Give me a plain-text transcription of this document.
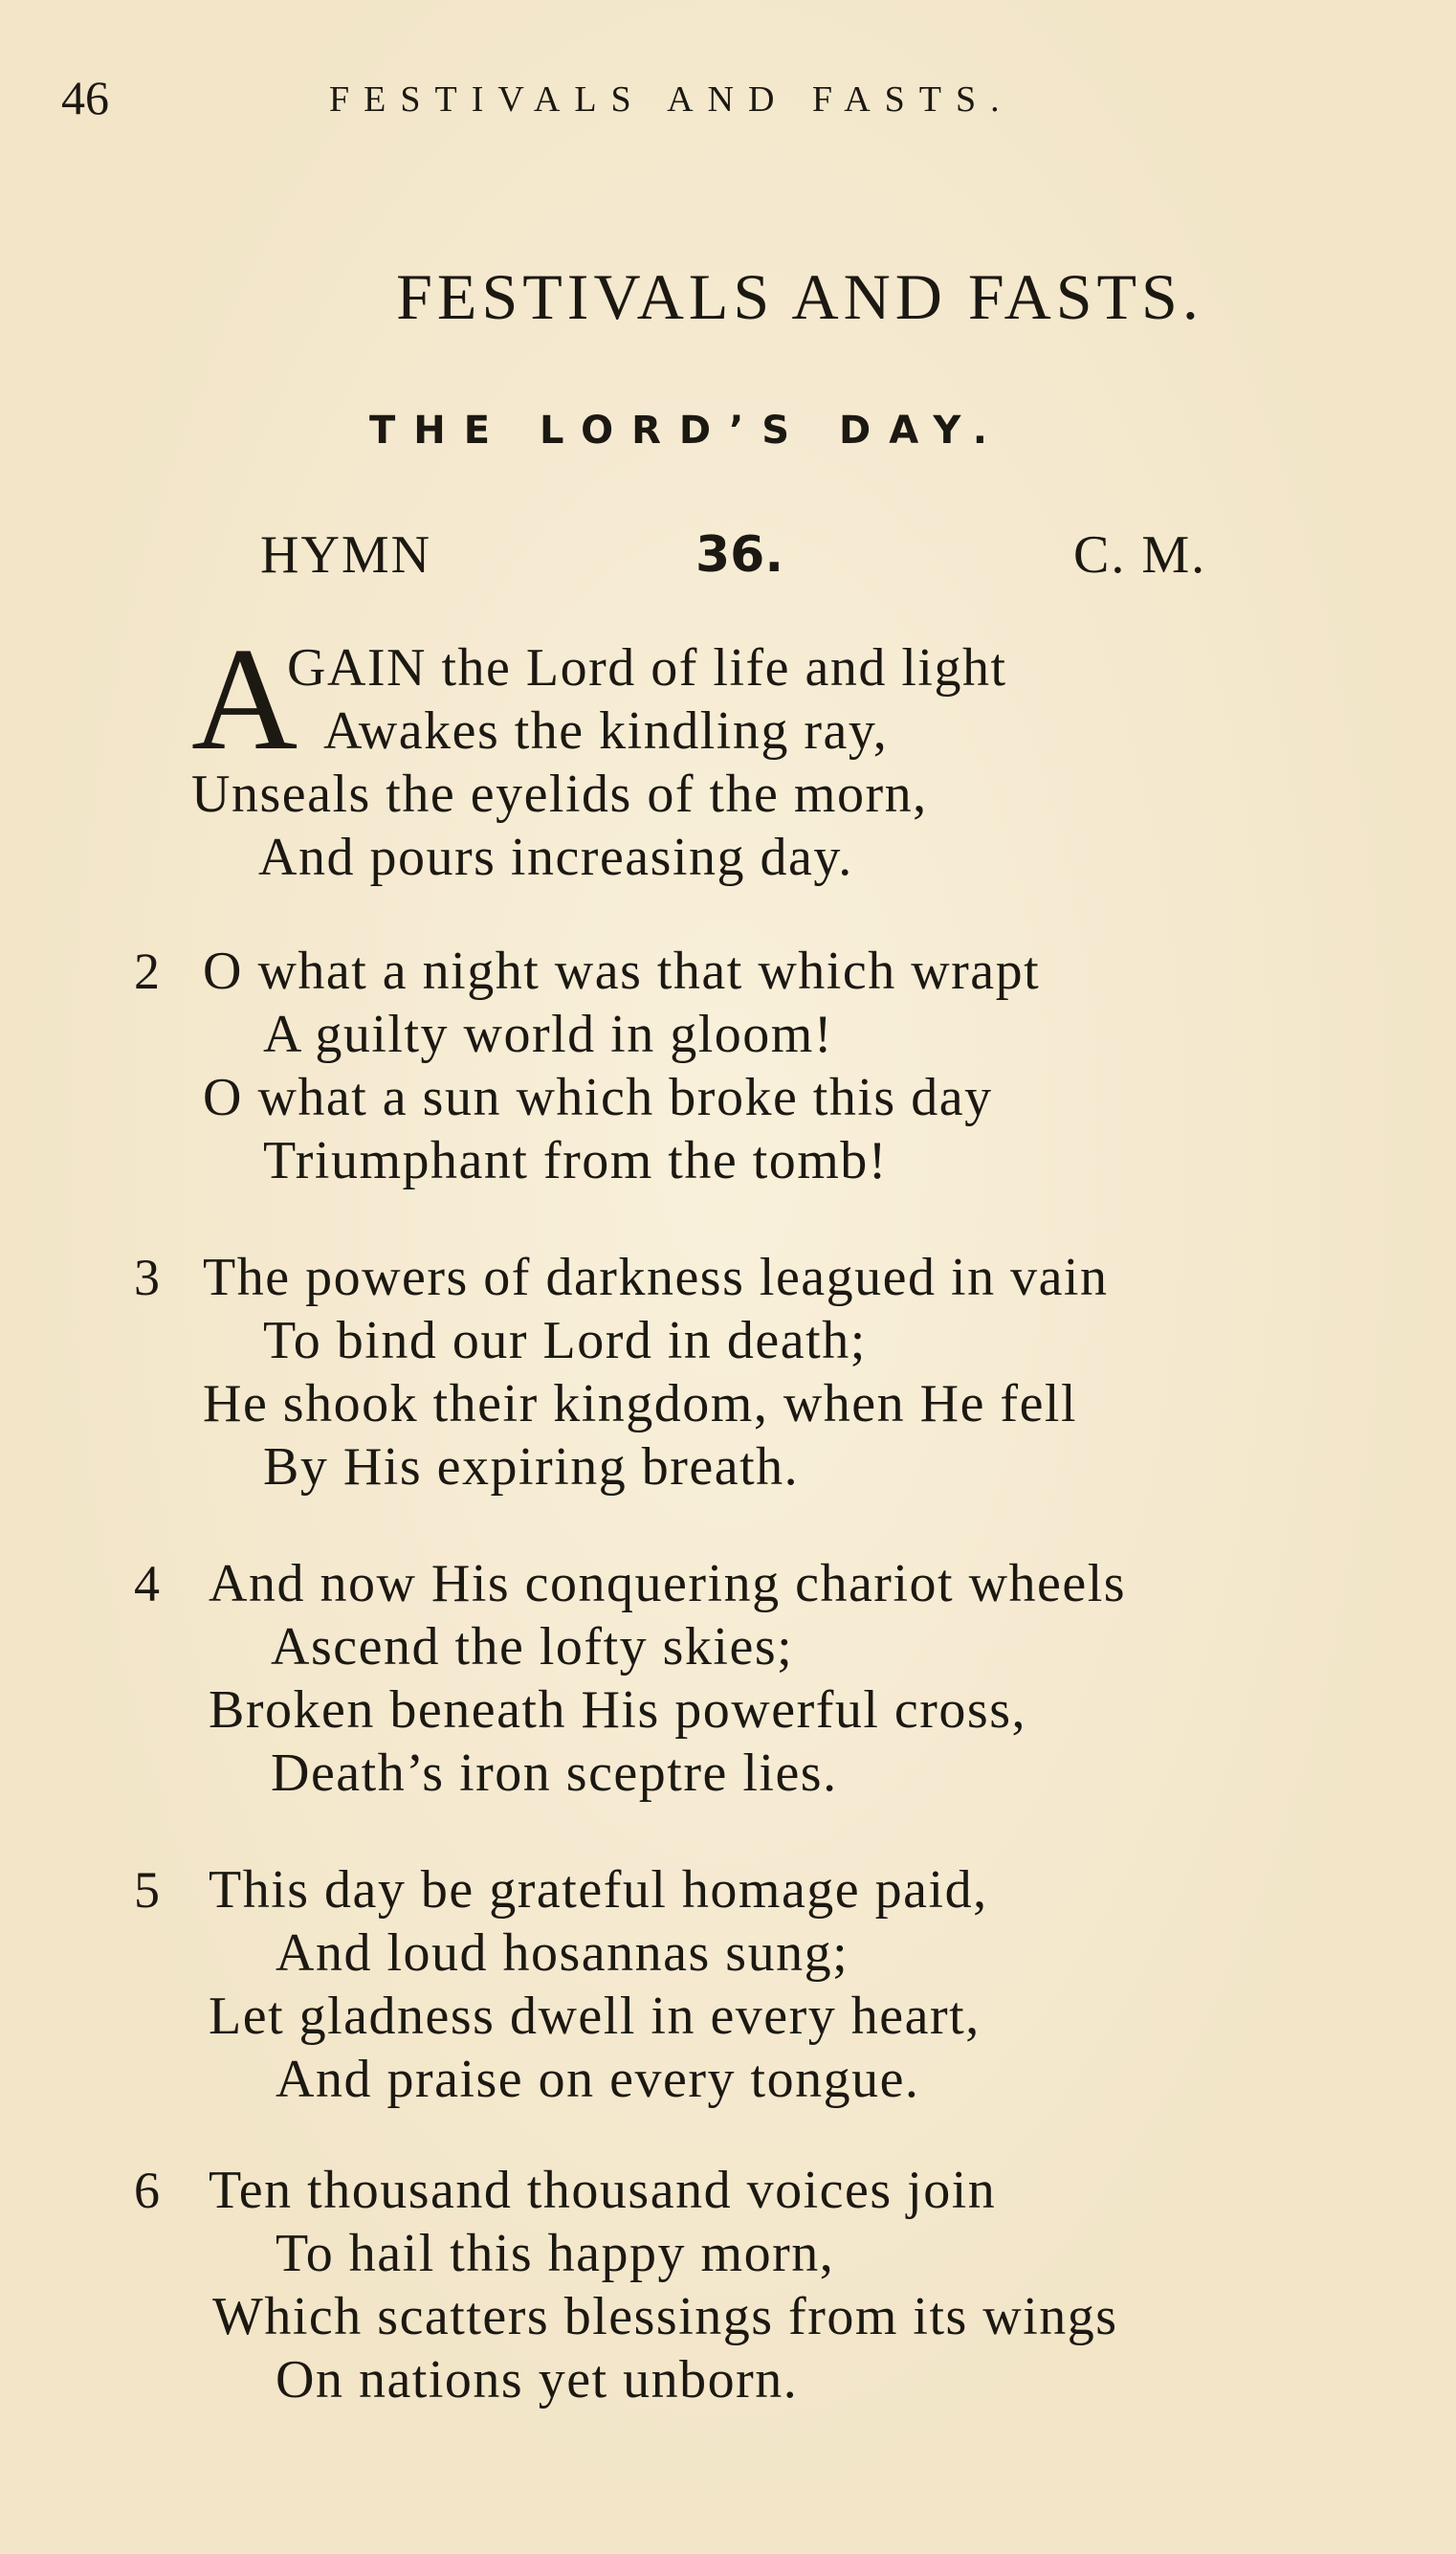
46	FESTIVALS AND FASTS.
FESTIVALS AND FASTS.
THE LORD’S DAY.
HYMN	36.	C. M.
A
GAIN the Lord of life and light
Awakes the kindling ray,
Unseals the eyelids of the morn,
And pours increasing day.
2 O what a night was that which wrapt
A guilty world in gloom!
O what a sun which broke this day
Triumphant from the tomb!
3 The powers of darkness leagued in vain
To bind our Lord in death;
He shook their kingdom, when He fell
By His expiring breath.
4 And now His conquering chariot wheels
Ascend the lofty skies;
Broken beneath His powerful cross,
Death’s iron sceptre lies.
5 This day be grateful homage paid,
And loud hosannas sung;
Let gladness dwell in every heart,
And praise on every tongue.
6 Ten thousand thousand voices join
To hail this happy morn,
Which scatters blessings from its wings
On nations yet unborn.
